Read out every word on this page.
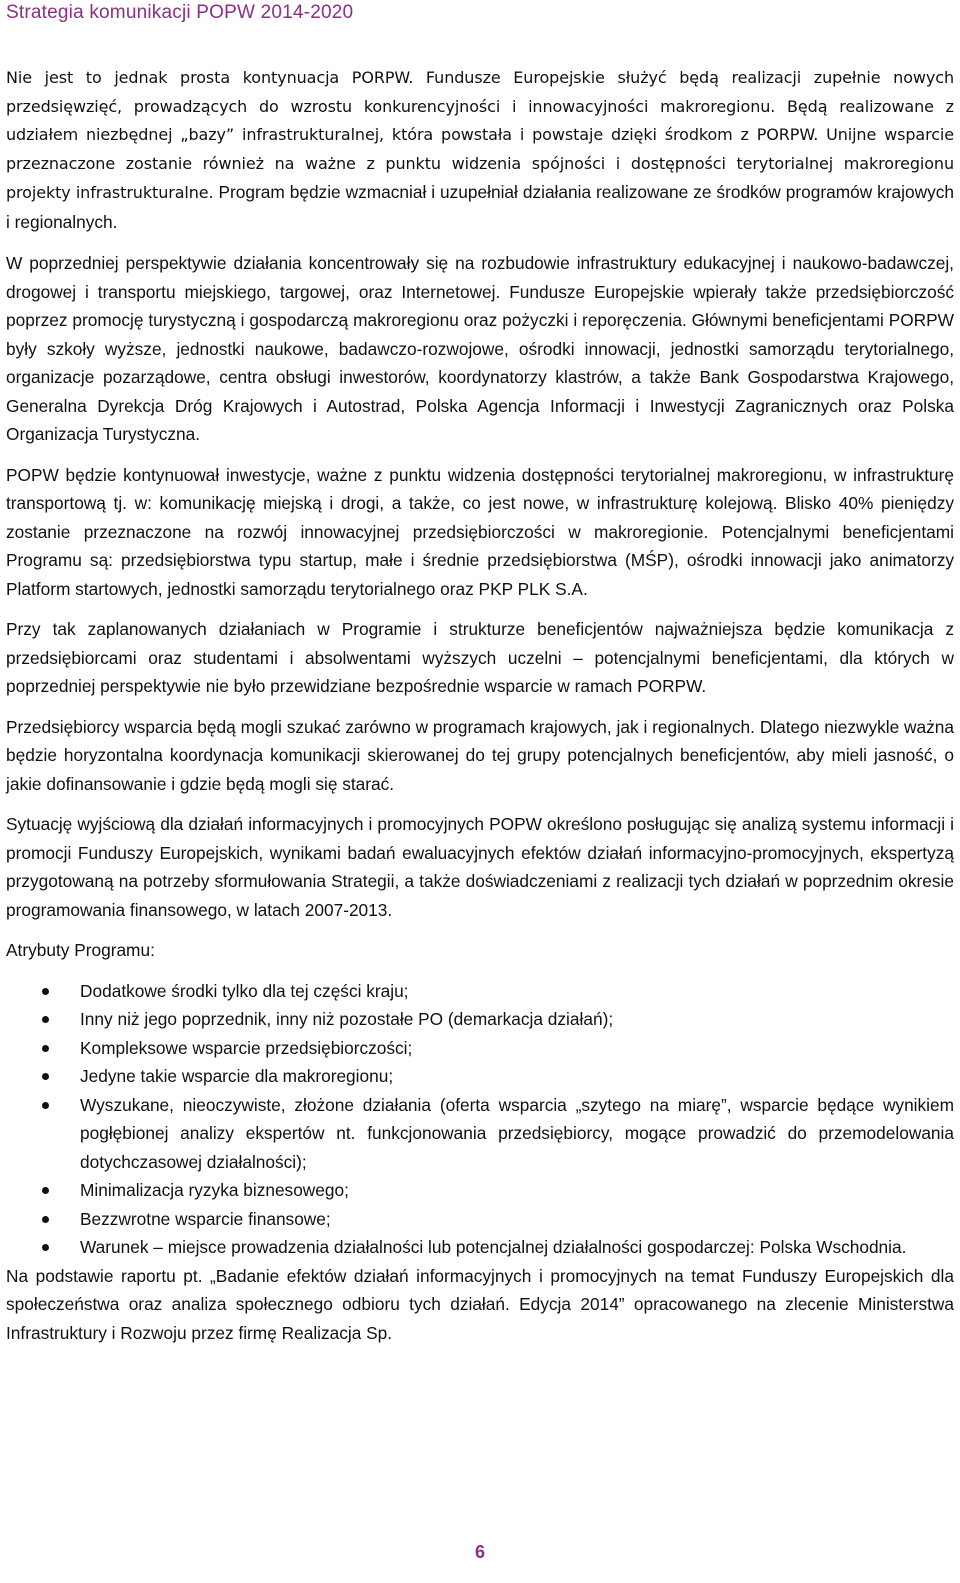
Strategia komunikacji POPW 2014-2020

Nie jest to jednak prosta kontynuacja PORPW. Fundusze Europejskie służyć będą realizacji zupełnie nowych przedsięwzięć, prowadzących do wzrostu konkurencyjności i innowacyjności makroregionu. Będą realizowane z udziałem niezbędnej „bazy” infrastrukturalnej, która powstała i powstaje dzięki środkom z PORPW. Unijne wsparcie przeznaczone zostanie również na ważne z punktu widzenia spójności i dostępności terytorialnej makroregionu projekty infrastrukturalne. Program będzie wzmacniał i uzupełniał działania realizowane ze środków programów krajowych i regionalnych.

W poprzedniej perspektywie działania koncentrowały się na rozbudowie infrastruktury edukacyjnej i naukowo-badawczej, drogowej i transportu miejskiego, targowej, oraz Internetowej. Fundusze Europejskie wpierały także przedsiębiorczość poprzez promocję turystyczną i gospodarczą makroregionu oraz pożyczki i reporęczenia. Głównymi beneficjentami PORPW były szkoły wyższe, jednostki naukowe, badawczo-rozwojowe, ośrodki innowacji, jednostki samorządu terytorialnego, organizacje pozarządowe, centra obsługi inwestorów, koordynatorzy klastrów, a także Bank Gospodarstwa Krajowego, Generalna Dyrekcja Dróg Krajowych i Autostrad, Polska Agencja Informacji i Inwestycji Zagranicznych oraz Polska Organizacja Turystyczna.

POPW będzie kontynuował inwestycje, ważne z punktu widzenia dostępności terytorialnej makroregionu, w infrastrukturę transportową tj. w: komunikację miejską i drogi, a także, co jest nowe, w infrastrukturę kolejową. Blisko 40% pieniędzy zostanie przeznaczone na rozwój innowacyjnej przedsiębiorczości w makroregionie. Potencjalnymi beneficjentami Programu są: przedsiębiorstwa typu startup, małe i średnie przedsiębiorstwa (MŚP), ośrodki innowacji jako animatorzy Platform startowych, jednostki samorządu terytorialnego oraz PKP PLK S.A.

Przy tak zaplanowanych działaniach w Programie i strukturze beneficjentów najważniejsza będzie komunikacja z przedsiębiorcami oraz studentami i absolwentami wyższych uczelni – potencjalnymi beneficjentami, dla których w poprzedniej perspektywie nie było przewidziane bezpośrednie wsparcie w ramach PORPW.

Przedsiębiorcy wsparcia będą mogli szukać zarówno w programach krajowych, jak i regionalnych. Dlatego niezwykle ważna będzie horyzontalna koordynacja komunikacji skierowanej do tej grupy potencjalnych beneficjentów, aby mieli jasność, o jakie dofinansowanie i gdzie będą mogli się starać.

Sytuację wyjściową dla działań informacyjnych i promocyjnych POPW określono posługując się analizą systemu informacji i promocji Funduszy Europejskich, wynikami badań ewaluacyjnych efektów działań informacyjno-promocyjnych, ekspertyzą przygotowaną na potrzeby sformułowania Strategii, a także doświadczeniami z realizacji tych działań w poprzednim okresie programowania finansowego, w latach 2007-2013.

Atrybuty Programu:

Dodatkowe środki tylko dla tej części kraju;
Inny niż jego poprzednik, inny niż pozostałe PO (demarkacja działań);
Kompleksowe wsparcie przedsiębiorczości;
Jedyne takie wsparcie dla makroregionu;
Wyszukane, nieoczywiste, złożone działania (oferta wsparcia „szytego na miarę”, wsparcie będące wynikiem pogłębionej analizy ekspertów nt. funkcjonowania przedsiębiorcy, mogące prowadzić do przemodelowania dotychczasowej działalności);
Minimalizacja ryzyka biznesowego;
Bezzwrotne wsparcie finansowe;
Warunek – miejsce prowadzenia działalności lub potencjalnej działalności gospodarczej: Polska Wschodnia.

Na podstawie raportu pt. „Badanie efektów działań informacyjnych i promocyjnych na temat Funduszy Europejskich dla społeczeństwa oraz analiza społecznego odbioru tych działań. Edycja 2014” opracowanego na zlecenie Ministerstwa Infrastruktury i Rozwoju przez firmę Realizacja Sp.

6
